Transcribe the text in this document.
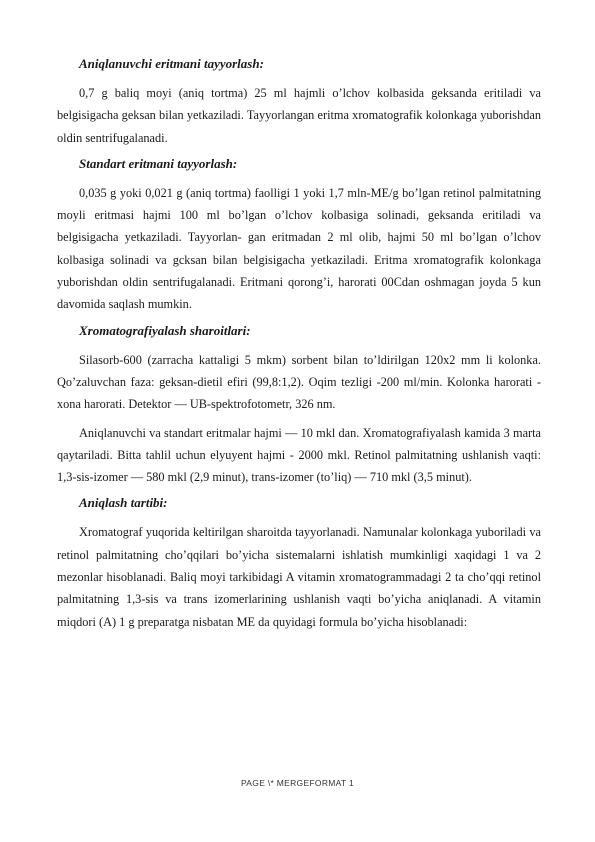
Aniqlanuvchi eritmani tayyorlash:

0,7 g baliq moyi (aniq tortma) 25 ml hajmli o’lchov kolbasida geksanda eritiladi va belgisigacha geksan bilan yetkaziladi. Tayyorlangan eritma xromatografik kolonkaga yuborishdan oldin sentrifugalanadi.

Standart eritmani tayyorlash:

0,035 g yoki 0,021 g (aniq tortma) faolligi 1 yoki 1,7 mln-ME/g bo’lgan retinol palmitatning moyli eritmasi hajmi 100 ml bo’lgan o’lchov kolbasiga solinadi, geksanda eritiladi va belgisigacha yetkaziladi. Tayyorlan- gan eritmadan 2 ml olib, hajmi 50 ml bo’lgan o’lchov kolbasiga solinadi va gcksan bilan belgisigacha yetkaziladi. Eritma xromatografik kolonkaga yuborishdan oldin sentrifugalanadi. Eritmani qorong’i, harorati 00Cdan oshmagan joyda 5 kun davomida saqlash mumkin.

Xromatografiyalash sharoitlari:

Silasorb-600 (zarracha kattaligi 5 mkm) sorbent bilan to’ldirilgan 120x2 mm li kolonka. Qo’zaluvchan faza: geksan-dietil efiri (99,8:1,2). Oqim tezligi -200 ml/min. Kolonka harorati - xona harorati. Detektor — UB-spektrofotometr, 326 nm.

Aniqlanuvchi va standart eritmalar hajmi — 10 mkl dan. Xromatografiyalash kamida 3 marta qaytariladi. Bitta tahlil uchun elyuyent hajmi - 2000 mkl. Retinol palmitatning ushlanish vaqti: 1,3-sis-izomer — 580 mkl (2,9 minut), trans-izomer (to’liq) — 710 mkl (3,5 minut).

Aniqlash tartibi:

Xromatograf yuqorida keltirilgan sharoitda tayyorlanadi. Namunalar kolonkaga yuboriladi va retinol palmitatning cho’qqilari bo’yicha sistemalarni ishlatish mumkinligi xaqidagi 1 va 2 mezonlar hisoblanadi. Baliq moyi tarkibidagi A vitamin xromatogrammadagi 2 ta cho’qqi retinol palmitatning 1,3-sis va trans izomerlarining ushlanish vaqti bo’yicha aniqlanadi. A vitamin miqdori (A) 1 g preparatga nisbatan ME da quyidagi formula bo’yicha hisoblanadi:

PAGE \* MERGEFORMAT 1
